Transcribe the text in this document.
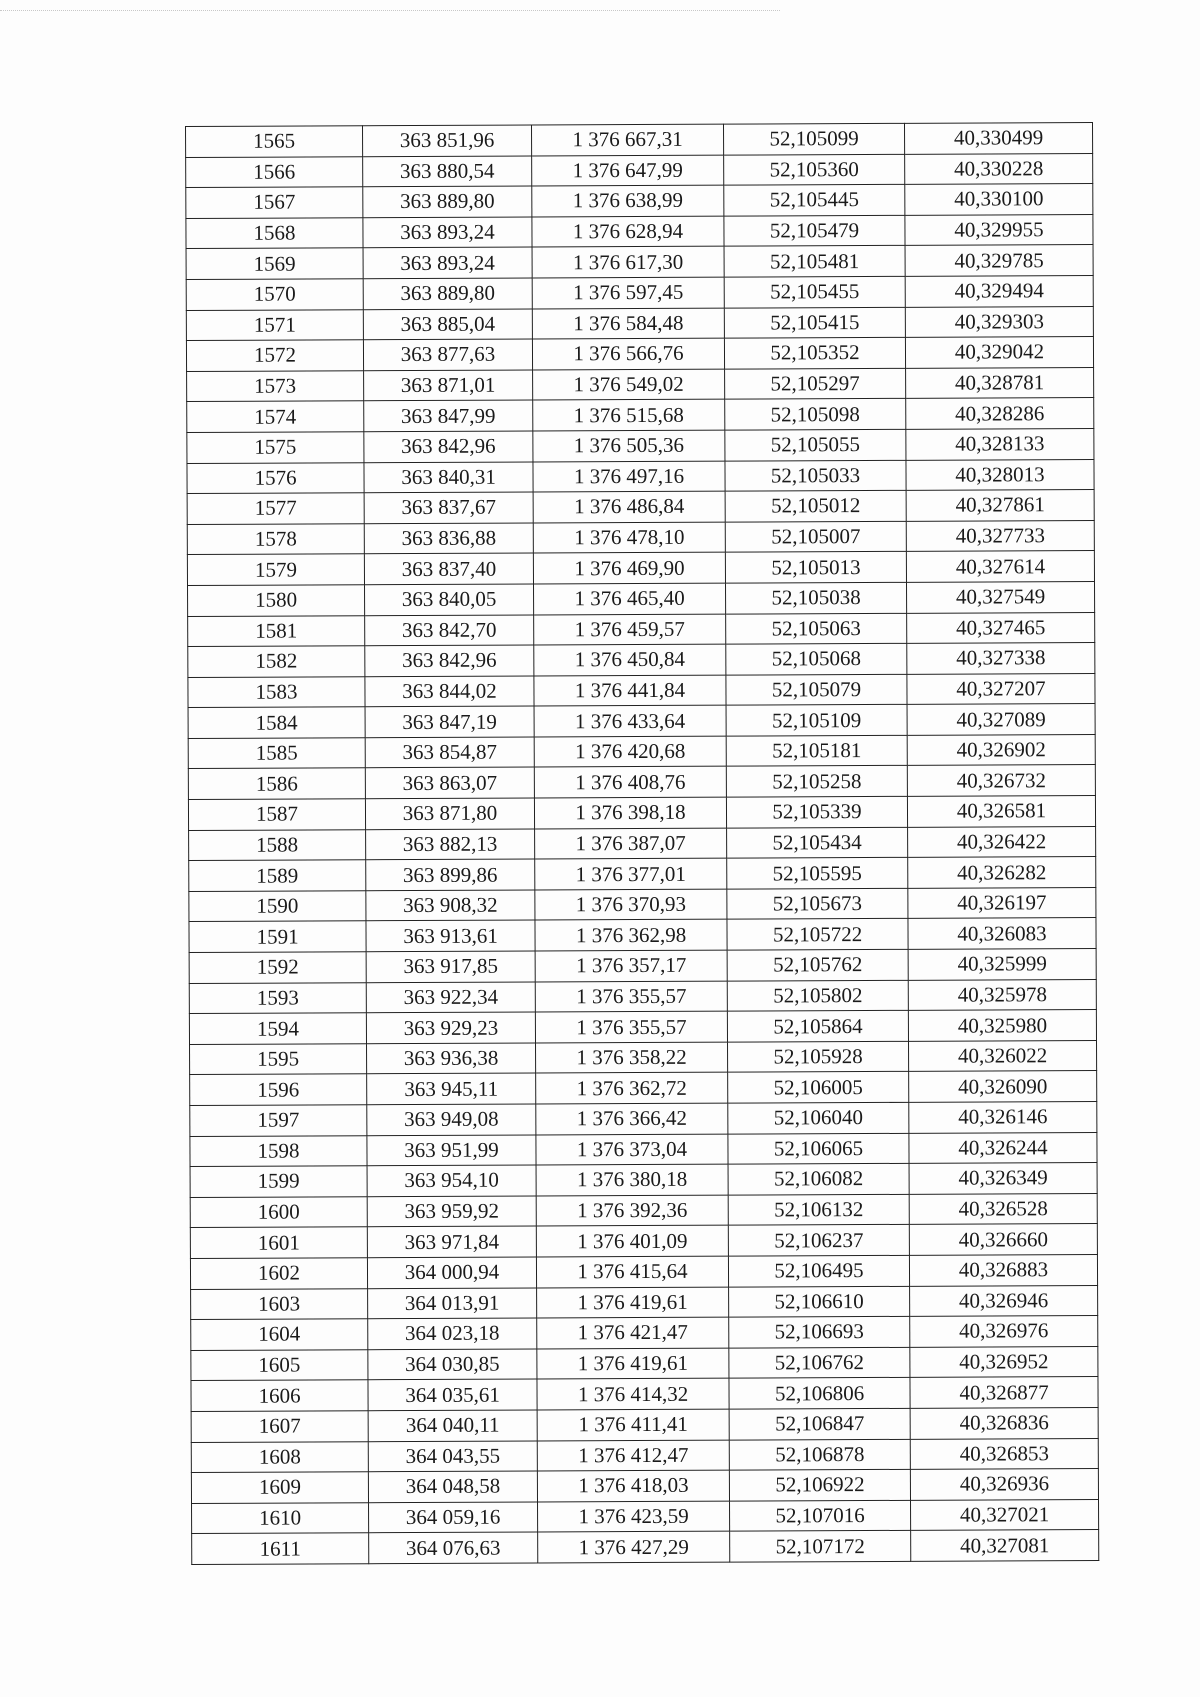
1565	363 851,96	1 376 667,31	52,105099	40,330499
1566	363 880,54	1 376 647,99	52,105360	40,330228
1567	363 889,80	1 376 638,99	52,105445	40,330100
1568	363 893,24	1 376 628,94	52,105479	40,329955
1569	363 893,24	1 376 617,30	52,105481	40,329785
1570	363 889,80	1 376 597,45	52,105455	40,329494
1571	363 885,04	1 376 584,48	52,105415	40,329303
1572	363 877,63	1 376 566,76	52,105352	40,329042
1573	363 871,01	1 376 549,02	52,105297	40,328781
1574	363 847,99	1 376 515,68	52,105098	40,328286
1575	363 842,96	1 376 505,36	52,105055	40,328133
1576	363 840,31	1 376 497,16	52,105033	40,328013
1577	363 837,67	1 376 486,84	52,105012	40,327861
1578	363 836,88	1 376 478,10	52,105007	40,327733
1579	363 837,40	1 376 469,90	52,105013	40,327614
1580	363 840,05	1 376 465,40	52,105038	40,327549
1581	363 842,70	1 376 459,57	52,105063	40,327465
1582	363 842,96	1 376 450,84	52,105068	40,327338
1583	363 844,02	1 376 441,84	52,105079	40,327207
1584	363 847,19	1 376 433,64	52,105109	40,327089
1585	363 854,87	1 376 420,68	52,105181	40,326902
1586	363 863,07	1 376 408,76	52,105258	40,326732
1587	363 871,80	1 376 398,18	52,105339	40,326581
1588	363 882,13	1 376 387,07	52,105434	40,326422
1589	363 899,86	1 376 377,01	52,105595	40,326282
1590	363 908,32	1 376 370,93	52,105673	40,326197
1591	363 913,61	1 376 362,98	52,105722	40,326083
1592	363 917,85	1 376 357,17	52,105762	40,325999
1593	363 922,34	1 376 355,57	52,105802	40,325978
1594	363 929,23	1 376 355,57	52,105864	40,325980
1595	363 936,38	1 376 358,22	52,105928	40,326022
1596	363 945,11	1 376 362,72	52,106005	40,326090
1597	363 949,08	1 376 366,42	52,106040	40,326146
1598	363 951,99	1 376 373,04	52,106065	40,326244
1599	363 954,10	1 376 380,18	52,106082	40,326349
1600	363 959,92	1 376 392,36	52,106132	40,326528
1601	363 971,84	1 376 401,09	52,106237	40,326660
1602	364 000,94	1 376 415,64	52,106495	40,326883
1603	364 013,91	1 376 419,61	52,106610	40,326946
1604	364 023,18	1 376 421,47	52,106693	40,326976
1605	364 030,85	1 376 419,61	52,106762	40,326952
1606	364 035,61	1 376 414,32	52,106806	40,326877
1607	364 040,11	1 376 411,41	52,106847	40,326836
1608	364 043,55	1 376 412,47	52,106878	40,326853
1609	364 048,58	1 376 418,03	52,106922	40,326936
1610	364 059,16	1 376 423,59	52,107016	40,327021
1611	364 076,63	1 376 427,29	52,107172	40,327081
